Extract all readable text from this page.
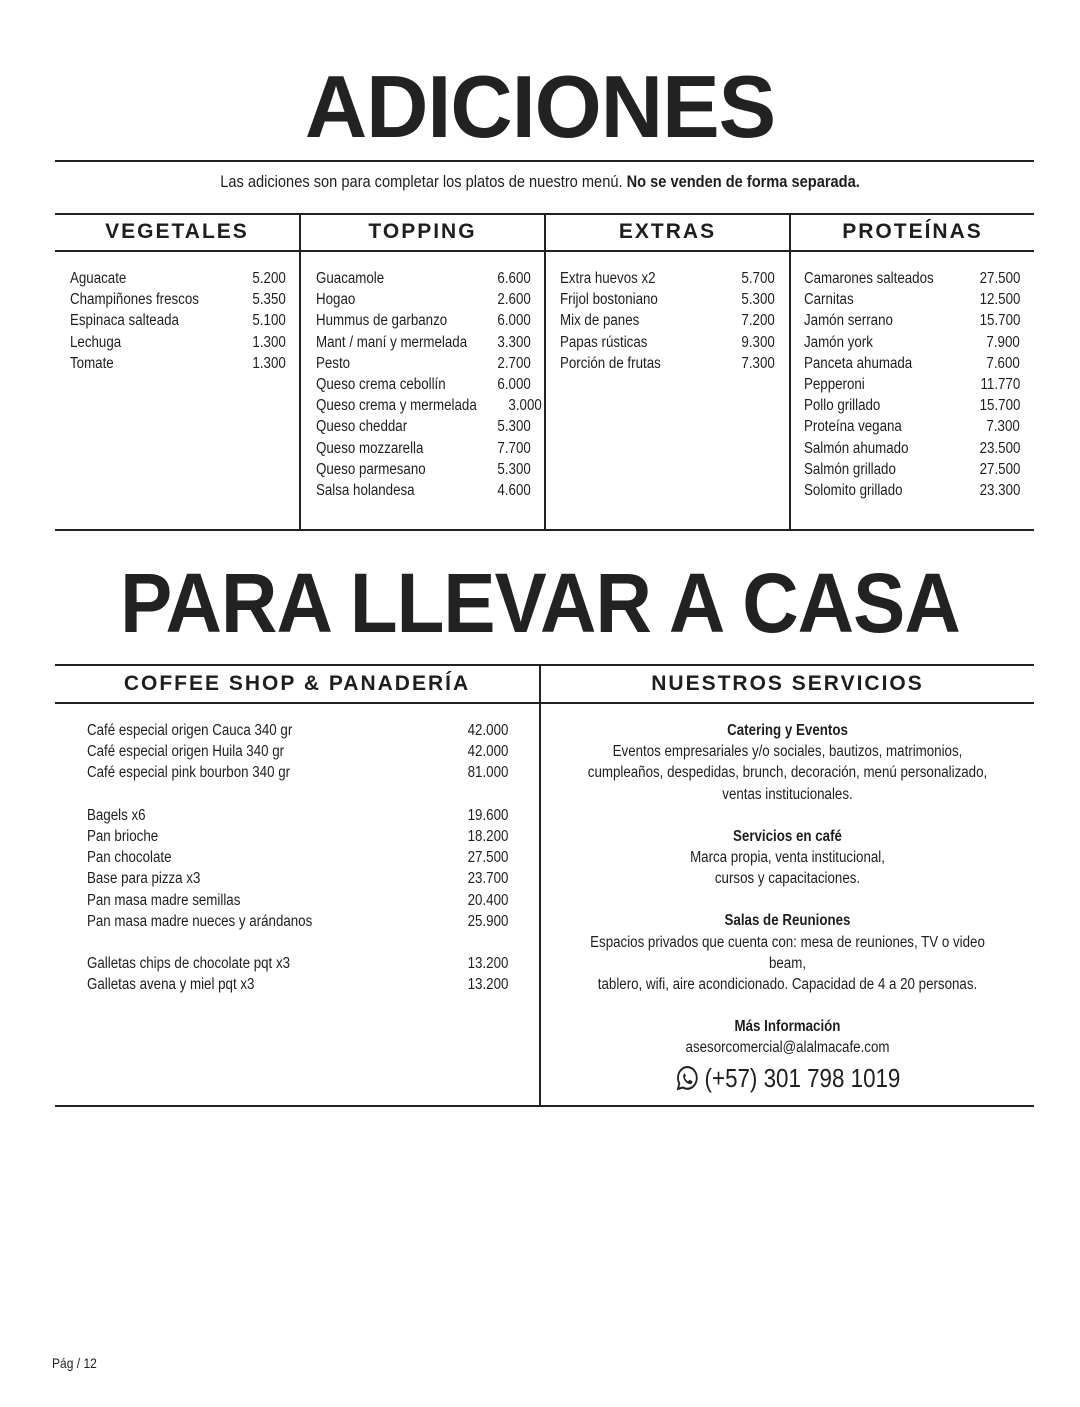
ADICIONES
Las adiciones son para completar los platos de nuestro menú. No se venden de forma separada.
VEGETALES	TOPPING	EXTRAS	PROTEÍNAS
Aguacate	5.200
Champiñones frescos	5.350
Espinaca salteada	5.100
Lechuga	1.300
Tomate	1.300
Guacamole	6.600
Hogao	2.600
Hummus de garbanzo	6.000
Mant / maní y mermelada 3.300
Pesto	2.700
Queso crema cebollín	6.000
Queso crema y mermelada 3.000
Queso cheddar	5.300
Queso mozzarella	7.700
Queso parmesano	5.300
Salsa holandesa	4.600
Extra huevos x2	5.700
Frijol bostoniano	5.300
Mix de panes	7.200
Papas rústicas	9.300
Porción de frutas	7.300
Camarones salteados	27.500
Carnitas	12.500
Jamón serrano	15.700
Jamón york	7.900
Panceta ahumada	7.600
Pepperoni	11.770
Pollo grillado	15.700
Proteína vegana	7.300
Salmón ahumado	23.500
Salmón grillado	27.500
Solomito grillado	23.300
PARA LLEVAR A CASA
COFFEE SHOP & PANADERÍA	NUESTROS SERVICIOS
Café especial origen Cauca 340 gr	42.000
Café especial origen Huila 340 gr	42.000
Café especial pink bourbon 340 gr	81.000
Bagels x6	19.600
Pan brioche	18.200
Pan chocolate	27.500
Base para pizza x3	23.700
Pan masa madre semillas	20.400
Pan masa madre nueces y arándanos	25.900
Galletas chips de chocolate pqt x3	13.200
Galletas avena y miel pqt x3	13.200
Catering y Eventos
Eventos empresariales y/o sociales, bautizos, matrimonios,
cumpleaños, despedidas, brunch, decoración, menú personalizado,
ventas institucionales.
Servicios en café
Marca propia, venta institucional,
cursos y capacitaciones.
Salas de Reuniones
Espacios privados que cuenta con: mesa de reuniones, TV o video beam,
tablero, wifi, aire acondicionado. Capacidad de 4 a 20 personas.
Más Información
asesorcomercial@alalmacafe.com
(+57) 301 798 1019
Pág / 12
